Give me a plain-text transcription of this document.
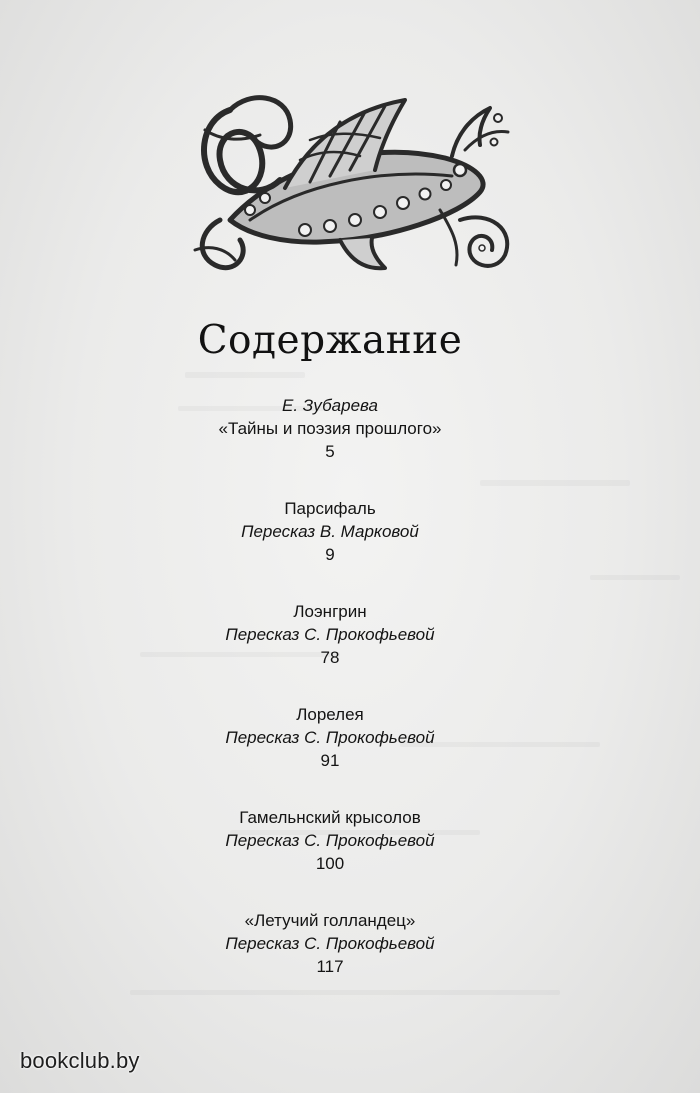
Содержание
Е. Зубарева
«Тайны и поэзия прошлого»
5
Парсифаль
Пересказ В. Марковой
9
Лоэнгрин
Пересказ С. Прокофьевой
78
Лорелея
Пересказ С. Прокофьевой
91
Гамельнский крысолов
Пересказ С. Прокофьевой
100
«Летучий голландец»
Пересказ С. Прокофьевой
117
bookclub.by
